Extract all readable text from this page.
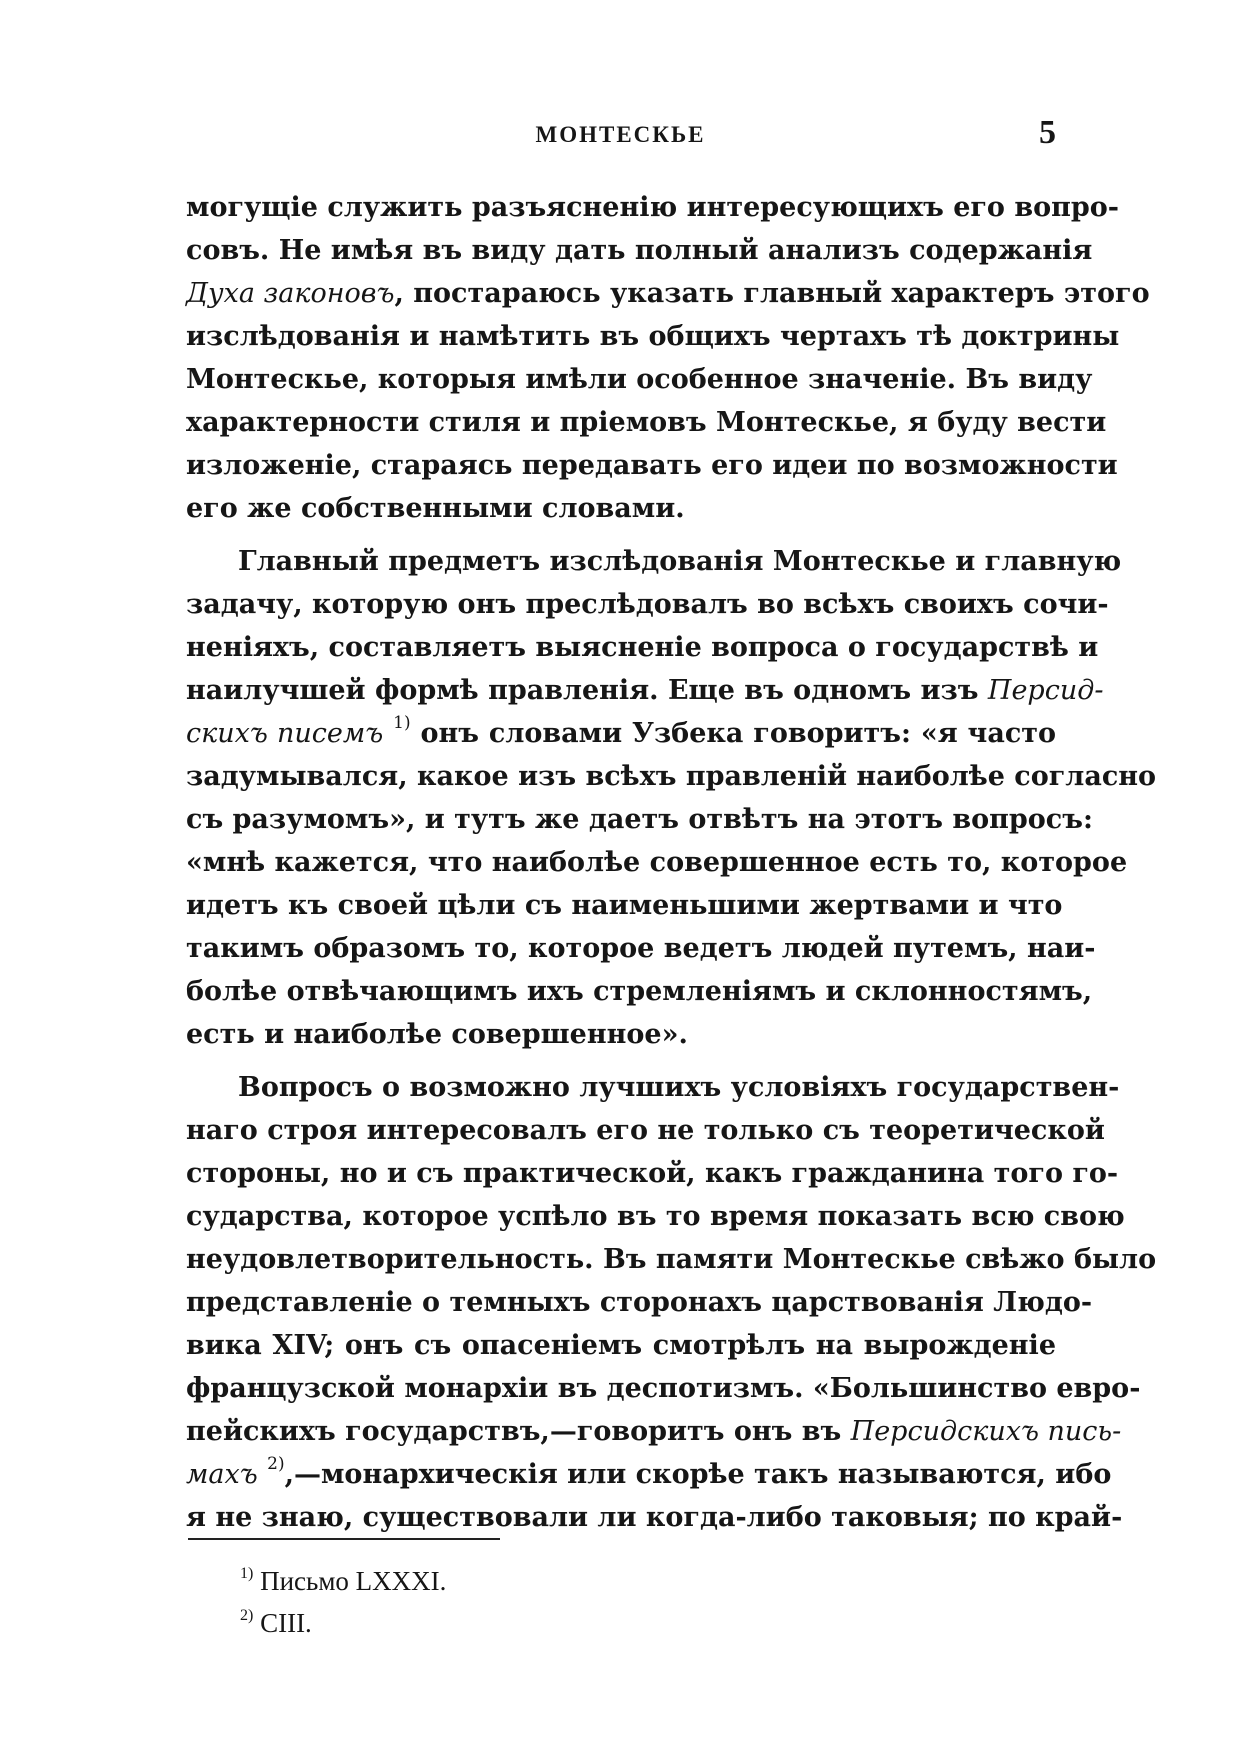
МОНТЕСКЬЕ	5
могущіе служить разъясненію интересующихъ его вопро-
совъ. Не имѣя въ виду дать полный анализъ содержанія
Духа законовъ, постараюсь указать главный характеръ этого
изслѣдованія и намѣтить въ общихъ чертахъ тѣ доктрины
Монтескье, которыя имѣли особенное значеніе. Въ виду
характерности стиля и пріемовъ Монтескье, я буду вести
изложеніе, стараясь передавать его идеи по возможности
его же собственными словами.
Главный предметъ изслѣдованія Монтескье и главную
задачу, которую онъ преслѣдовалъ во всѣхъ своихъ сочи-
неніяхъ, составляетъ выясненіе вопроса о государствѣ и
наилучшей формѣ правленія. Еще въ одномъ изъ Персид-
скихъ писемъ $^{1)}$ онъ словами Узбека говоритъ: «я часто
задумывался, какое изъ всѣхъ правленій наиболѣе согласно
съ разумомъ», и тутъ же даетъ отвѣтъ на этотъ вопросъ:
«мнѣ кажется, что наиболѣе совершенное есть то, которое
идетъ къ своей цѣли съ наименьшими жертвами и что
такимъ образомъ то, которое ведетъ людей путемъ, наи-
болѣе отвѣчающимъ ихъ стремленіямъ и склонностямъ,
есть и наиболѣе совершенное».
Вопросъ о возможно лучшихъ условіяхъ государствен-
наго строя интересовалъ его не только съ теоретической
стороны, но и съ практической, какъ гражданина того го-
сударства, которое успѣло въ то время показать всю свою
неудовлетворительность. Въ памяти Монтескье свѣжо было
представленіе о темныхъ сторонахъ царствованія Людо-
вика XIV; онъ съ опасеніемъ смотрѣлъ на вырожденіе
французской монархіи въ деспотизмъ. «Большинство евро-
пейскихъ государствъ,—говоритъ онъ въ Персидскихъ пись-
махъ $^{2)}$,—монархическія или скорѣе такъ называются, ибо
я не знаю, существовали ли когда-либо таковыя; по край-
$^{1)}$ Письмо LXXXI.
$^{2)}$ CIII.
